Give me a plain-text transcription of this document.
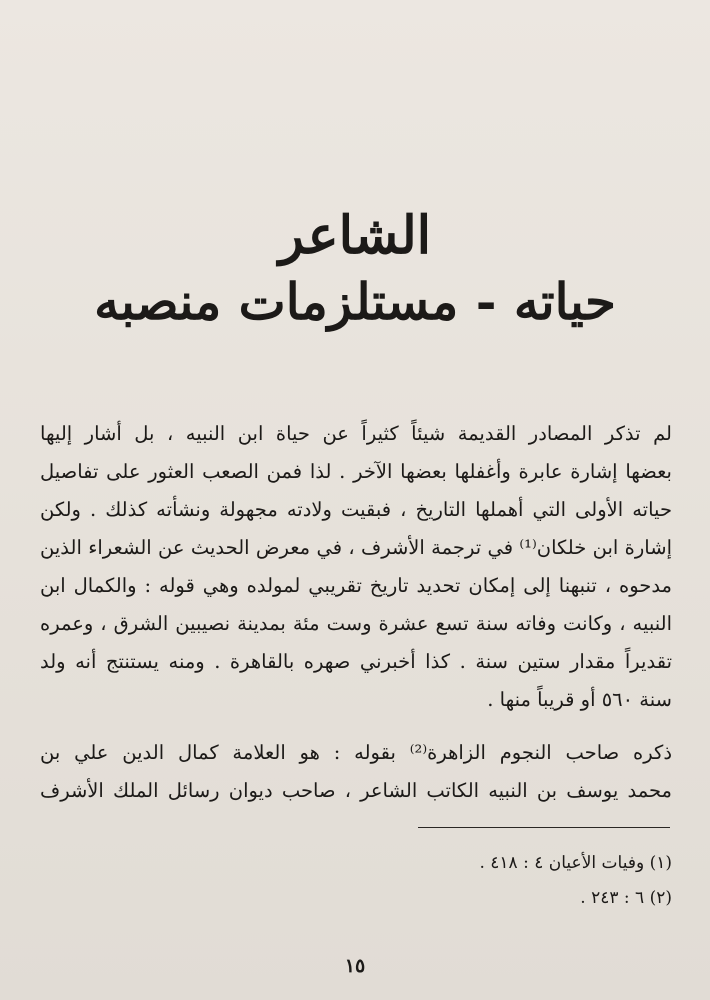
الشاعر
حياته - مستلزمات منصبه
لم تذكر المصادر القديمة شيئاً كثيراً عن حياة ابن النبيه ، بل أشار إليها
بعضها إشارة عابرة وأغفلها بعضها الآخر . لذا فمن الصعب العثور على تفاصيل
حياته الأولى التي أهملها التاريخ ، فبقيت ولادته مجهولة ونشأته كذلك . ولكن
إشارة ابن خلكان⁽¹⁾ في ترجمة الأشرف ، في معرض الحديث عن الشعراء الذين
مدحوه ، تنبهنا إلى إمكان تحديد تاريخ تقريبي لمولده وهي قوله : والكمال ابن
النبيه ، وكانت وفاته سنة تسع عشرة وست مئة بمدينة نصيبين الشرق ، وعمره
تقديراً مقدار ستين سنة . كذا أخبرني صهره بالقاهرة . ومنه يستنتج أنه ولد
سنة ٥٦٠ أو قريباً منها .
ذكره صاحب النجوم الزاهرة⁽²⁾ بقوله : هو العلامة كمال الدين علي بن
محمد يوسف بن النبيه الكاتب الشاعر ، صاحب ديوان رسائل الملك الأشرف
(١) وفيات الأعيان ٤ : ٤١٨ .
(٢) ٦ : ٢٤٣ .
١٥
